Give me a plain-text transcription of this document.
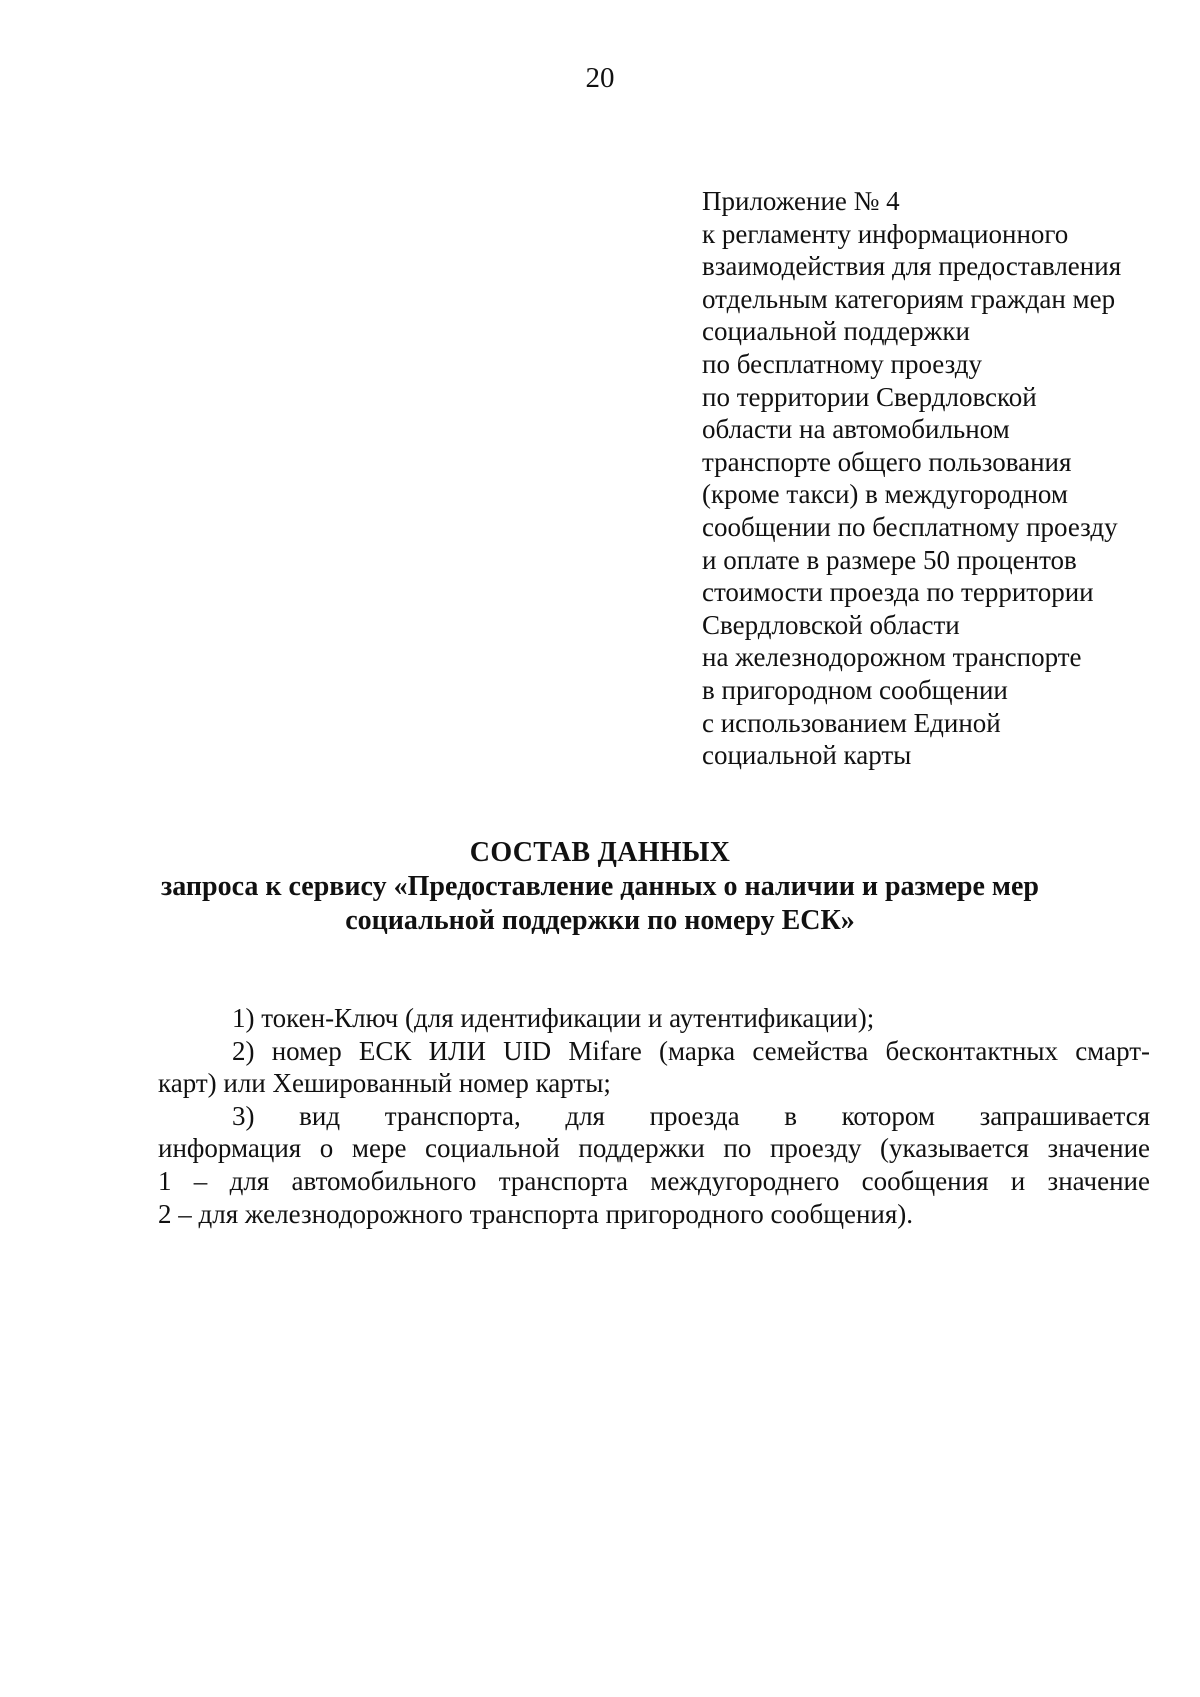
20
Приложение № 4
к регламенту информационного
взаимодействия для предоставления
отдельным категориям граждан мер
социальной поддержки
по бесплатному проезду
по территории Свердловской
области на автомобильном
транспорте общего пользования
(кроме такси) в междугородном
сообщении по бесплатному проезду
и оплате в размере 50 процентов
стоимости проезда по территории
Свердловской области
на железнодорожном транспорте
в пригородном сообщении
с использованием Единой
социальной карты
СОСТАВ ДАННЫХ
запроса к сервису «Предоставление данных о наличии и размере мер
социальной поддержки по номеру ЕСК»
1) токен-Ключ (для идентификации и аутентификации);
2) номер ЕСК ИЛИ UID Mifare (марка семейства бесконтактных смарт-
карт) или Хешированный номер карты;
3) вид транспорта, для проезда в котором запрашивается
информация о мере социальной поддержки по проезду (указывается значение
1 – для автомобильного транспорта междугороднего сообщения и значение
2 – для железнодорожного транспорта пригородного сообщения).
